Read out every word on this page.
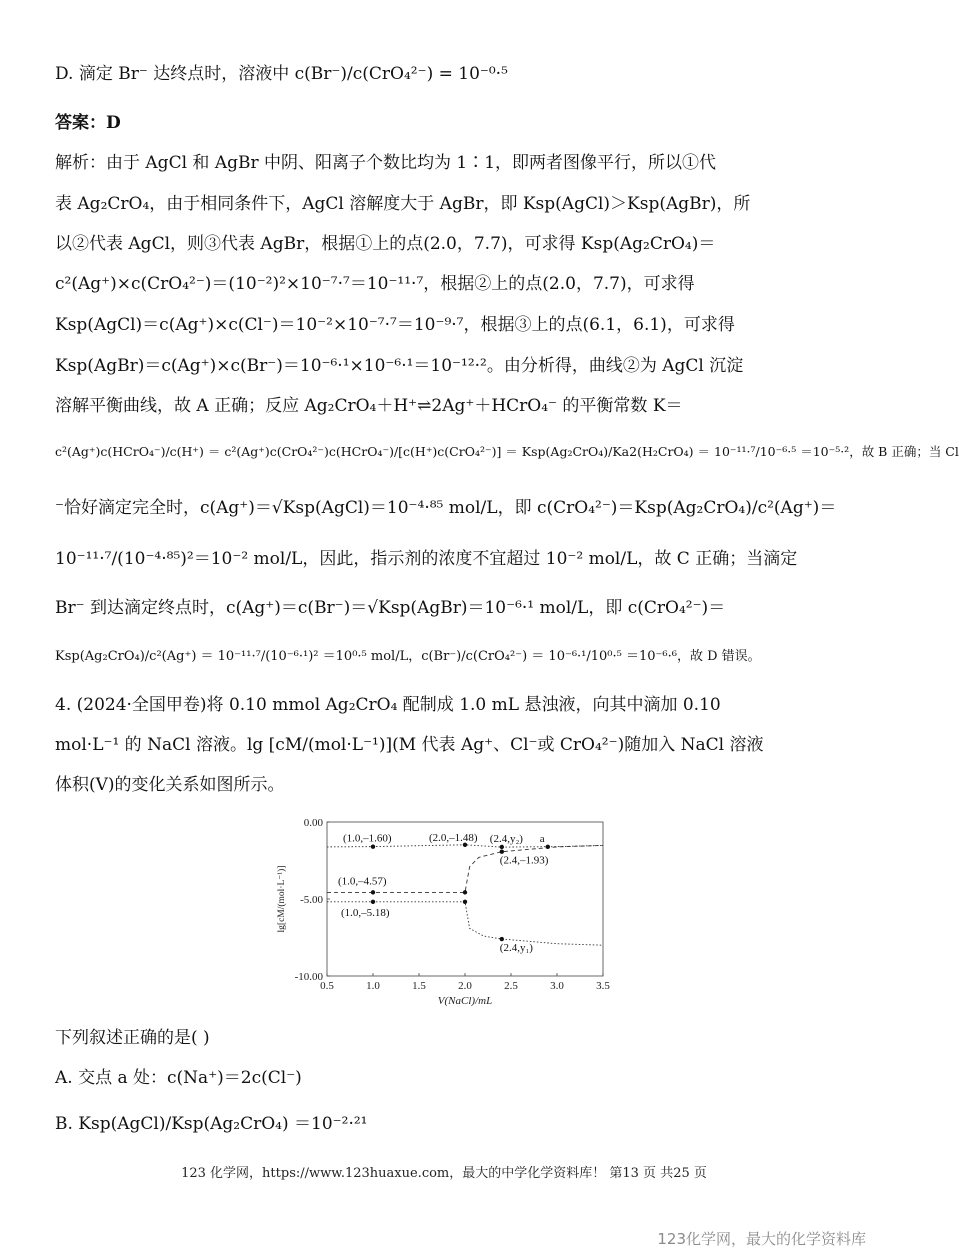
D. 滴定 Br⁻ 达终点时，溶液中 c(Br⁻)/c(CrO₄²⁻) = 10⁻⁰·⁵
答案：D
解析：由于 AgCl 和 AgBr 中阴、阳离子个数比均为 1∶1，即两者图像平行，所以①代
表 Ag₂CrO₄，由于相同条件下，AgCl 溶解度大于 AgBr，即 Ksp(AgCl)＞Ksp(AgBr)，所
以②代表 AgCl，则③代表 AgBr，根据①上的点(2.0，7.7)，可求得 Ksp(Ag₂CrO₄)＝
c²(Ag⁺)×c(CrO₄²⁻)＝(10⁻²)²×10⁻⁷·⁷＝10⁻¹¹·⁷，根据②上的点(2.0，7.7)，可求得
Ksp(AgCl)＝c(Ag⁺)×c(Cl⁻)＝10⁻²×10⁻⁷·⁷＝10⁻⁹·⁷，根据③上的点(6.1，6.1)，可求得
Ksp(AgBr)＝c(Ag⁺)×c(Br⁻)＝10⁻⁶·¹×10⁻⁶·¹＝10⁻¹²·²。由分析得，曲线②为 AgCl 沉淀
溶解平衡曲线，故 A 正确；反应 Ag₂CrO₄＋H⁺⇌2Ag⁺＋HCrO₄⁻ 的平衡常数 K＝
c²(Ag⁺)c(HCrO₄⁻)/c(H⁺) ＝ c²(Ag⁺)c(CrO₄²⁻)c(HCrO₄⁻)/[c(H⁺)c(CrO₄²⁻)] ＝ Ksp(Ag₂CrO₄)/Ka2(H₂CrO₄) ＝ 10⁻¹¹·⁷/10⁻⁶·⁵ ＝10⁻⁵·²，故 B 正确；当 Cl
⁻恰好滴定完全时，c(Ag⁺)＝√Ksp(AgCl)＝10⁻⁴·⁸⁵ mol/L，即 c(CrO₄²⁻)＝Ksp(Ag₂CrO₄)/c²(Ag⁺)＝
10⁻¹¹·⁷/(10⁻⁴·⁸⁵)²＝10⁻² mol/L，因此，指示剂的浓度不宜超过 10⁻² mol/L，故 C 正确；当滴定
Br⁻ 到达滴定终点时，c(Ag⁺)＝c(Br⁻)＝√Ksp(AgBr)＝10⁻⁶·¹ mol/L，即 c(CrO₄²⁻)＝
Ksp(Ag₂CrO₄)/c²(Ag⁺) ＝ 10⁻¹¹·⁷/(10⁻⁶·¹)² ＝10⁰·⁵ mol/L，c(Br⁻)/c(CrO₄²⁻) ＝ 10⁻⁶·¹/10⁰·⁵ ＝10⁻⁶·⁶，故 D 错误。
4. (2024·全国甲卷)将 0.10 mmol Ag₂CrO₄ 配制成 1.0 mL 悬浊液，向其中滴加 0.10
mol·L⁻¹ 的 NaCl 溶液。lg [cM/(mol·L⁻¹)](M 代表 Ag⁺、Cl⁻或 CrO₄²⁻)随加入 NaCl 溶液
体积(V)的变化关系如图所示。
0.5	1.0	1.5	2.0	2.5	3.0	3.5
0.00
-5.00
-10.00
V(NaCl)/mL
lg[cM/(mol·L⁻¹)]
(1.0,–1.60)	(2.0,–1.48) (2.4,y₂) a
(2.4,–1.93)
(1.0,–4.57)
(1.0,–5.18)
(2.4,y₁)
下列叙述正确的是( )
A. 交点 a 处：c(Na⁺)＝2c(Cl⁻)
B. Ksp(AgCl)/Ksp(Ag₂CrO₄) ＝10⁻²·²¹
123 化学网，https://www.123huaxue.com，最大的中学化学资料库！ 第13 页 共25 页
123化学网，最大的化学资料库
